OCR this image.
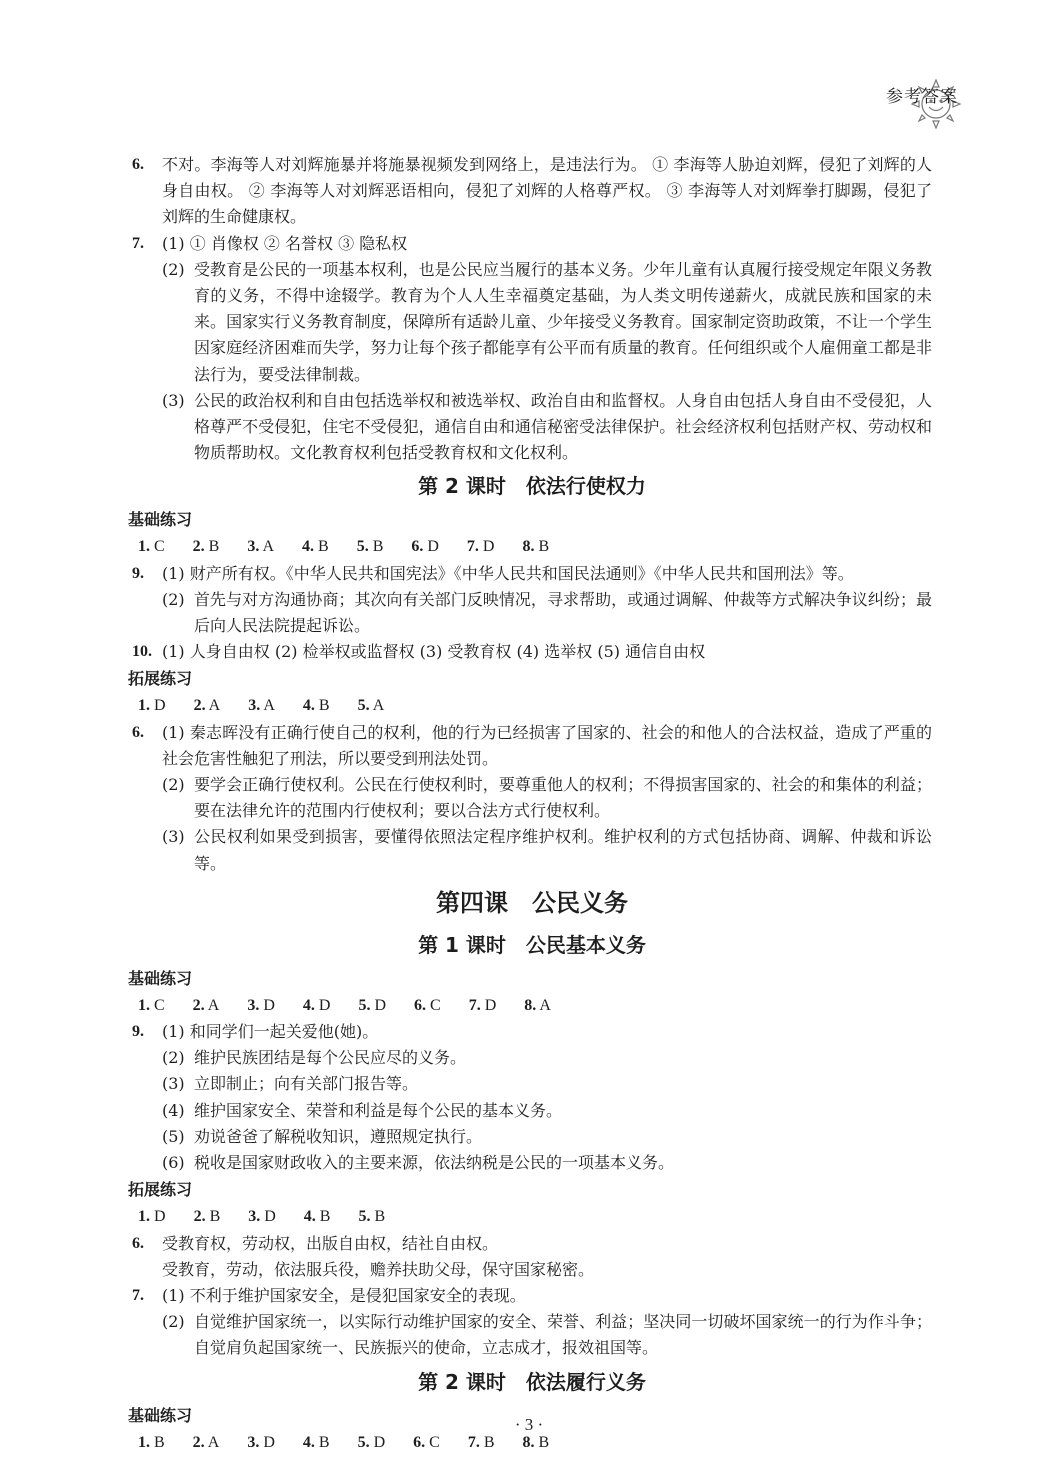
参考答案
6.	不对。李海等人对刘辉施暴并将施暴视频发到网络上，是违法行为。 ① 李海等人胁迫刘辉，侵犯了刘辉的人身自由权。 ② 李海等人对刘辉恶语相向，侵犯了刘辉的人格尊严权。 ③ 李海等人对刘辉拳打脚踢，侵犯了刘辉的生命健康权。
7.	(1) ① 肖像权 ② 名誉权 ③ 隐私权
(2) 受教育是公民的一项基本权利，也是公民应当履行的基本义务。少年儿童有认真履行接受规定年限义务教育的义务，不得中途辍学。教育为个人人生幸福奠定基础，为人类文明传递薪火，成就民族和国家的未来。国家实行义务教育制度，保障所有适龄儿童、少年接受义务教育。国家制定资助政策，不让一个学生因家庭经济困难而失学，努力让每个孩子都能享有公平而有质量的教育。任何组织或个人雇佣童工都是非法行为，要受法律制裁。
(3) 公民的政治权利和自由包括选举权和被选举权、政治自由和监督权。人身自由包括人身自由不受侵犯，人格尊严不受侵犯，住宅不受侵犯，通信自由和通信秘密受法律保护。社会经济权利包括财产权、劳动权和物质帮助权。文化教育权利包括受教育权和文化权利。
第 2 课时　依法行使权力
基础练习
1. C 2. B 3. A 4. B 5. B 6. D 7. D 8. B
9.	(1) 财产所有权。《中华人民共和国宪法》《中华人民共和国民法通则》《中华人民共和国刑法》等。
(2) 首先与对方沟通协商；其次向有关部门反映情况，寻求帮助，或通过调解、仲裁等方式解决争议纠纷；最后向人民法院提起诉讼。
10. (1) 人身自由权 (2) 检举权或监督权 (3) 受教育权 (4) 选举权 (5) 通信自由权
拓展练习
1. D 2. A 3. A 4. B 5. A
6.	(1) 秦志晖没有正确行使自己的权利，他的行为已经损害了国家的、社会的和他人的合法权益，造成了严重的社会危害性触犯了刑法，所以要受到刑法处罚。
(2) 要学会正确行使权利。公民在行使权利时，要尊重他人的权利；不得损害国家的、社会的和集体的利益；要在法律允许的范围内行使权利；要以合法方式行使权利。
(3) 公民权利如果受到损害，要懂得依照法定程序维护权利。维护权利的方式包括协商、调解、仲裁和诉讼等。
第四课　公民义务
第 1 课时　公民基本义务
基础练习
1. C 2. A 3. D 4. D 5. D 6. C 7. D 8. A
9.	(1) 和同学们一起关爱他(她)。
(2) 维护民族团结是每个公民应尽的义务。
(3) 立即制止；向有关部门报告等。
(4) 维护国家安全、荣誉和利益是每个公民的基本义务。
(5) 劝说爸爸了解税收知识，遵照规定执行。
(6) 税收是国家财政收入的主要来源，依法纳税是公民的一项基本义务。
拓展练习
1. D 2. B 3. D 4. B 5. B
6.	受教育权，劳动权，出版自由权，结社自由权。
受教育，劳动，依法服兵役，赡养扶助父母，保守国家秘密。
7.	(1) 不利于维护国家安全，是侵犯国家安全的表现。
(2) 自觉维护国家统一，以实际行动维护国家的安全、荣誉、利益；坚决同一切破坏国家统一的行为作斗争；自觉肩负起国家统一、民族振兴的使命，立志成才，报效祖国等。
第 2 课时　依法履行义务
基础练习
1. B 2. A 3. D 4. B 5. D 6. C 7. B 8. B
· 3 ·
